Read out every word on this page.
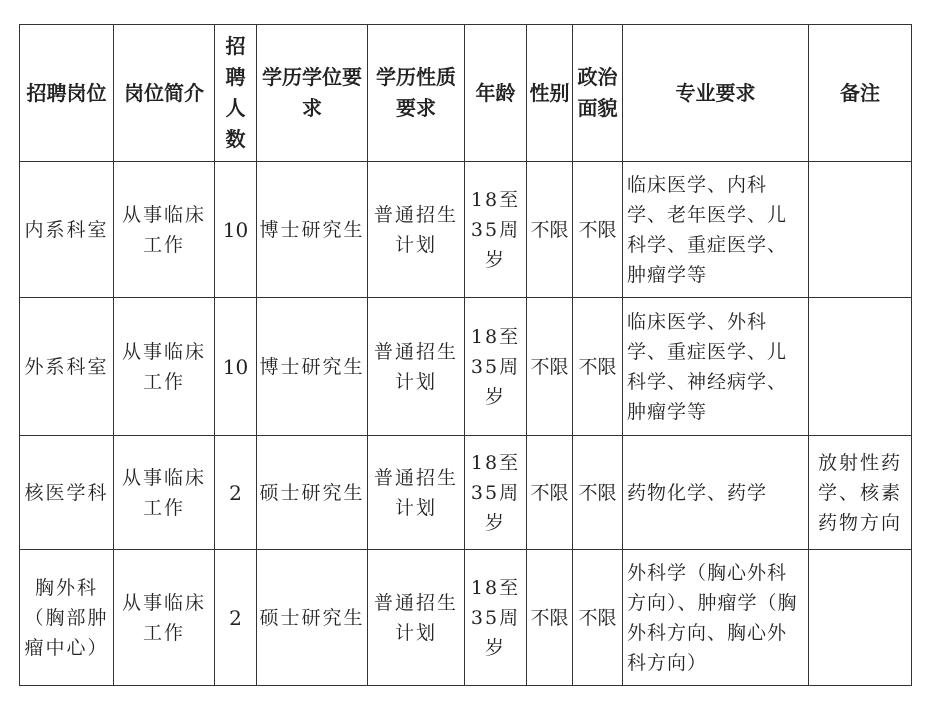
招聘岗位	岗位简介	招聘人数	学历学位要求	学历性质要求	年龄	性别	政治面貌	专业要求	备注
内系科室	从事临床工作	10	博士研究生	普通招生计划	18至35周岁	不限	不限	临床医学、内科学、老年医学、儿科学、重症医学、肿瘤学等	
外系科室	从事临床工作	10	博士研究生	普通招生计划	18至35周岁	不限	不限	临床医学、外科学、重症医学、儿科学、神经病学、肿瘤学等	
核医学科	从事临床工作	2	硕士研究生	普通招生计划	18至35周岁	不限	不限	药物化学、药学	放射性药学、核素药物方向
胸外科（胸部肿瘤中心）	从事临床工作	2	硕士研究生	普通招生计划	18至35周岁	不限	不限	外科学（胸心外科方向）、肿瘤学（胸外科方向、胸心外科方向）	
